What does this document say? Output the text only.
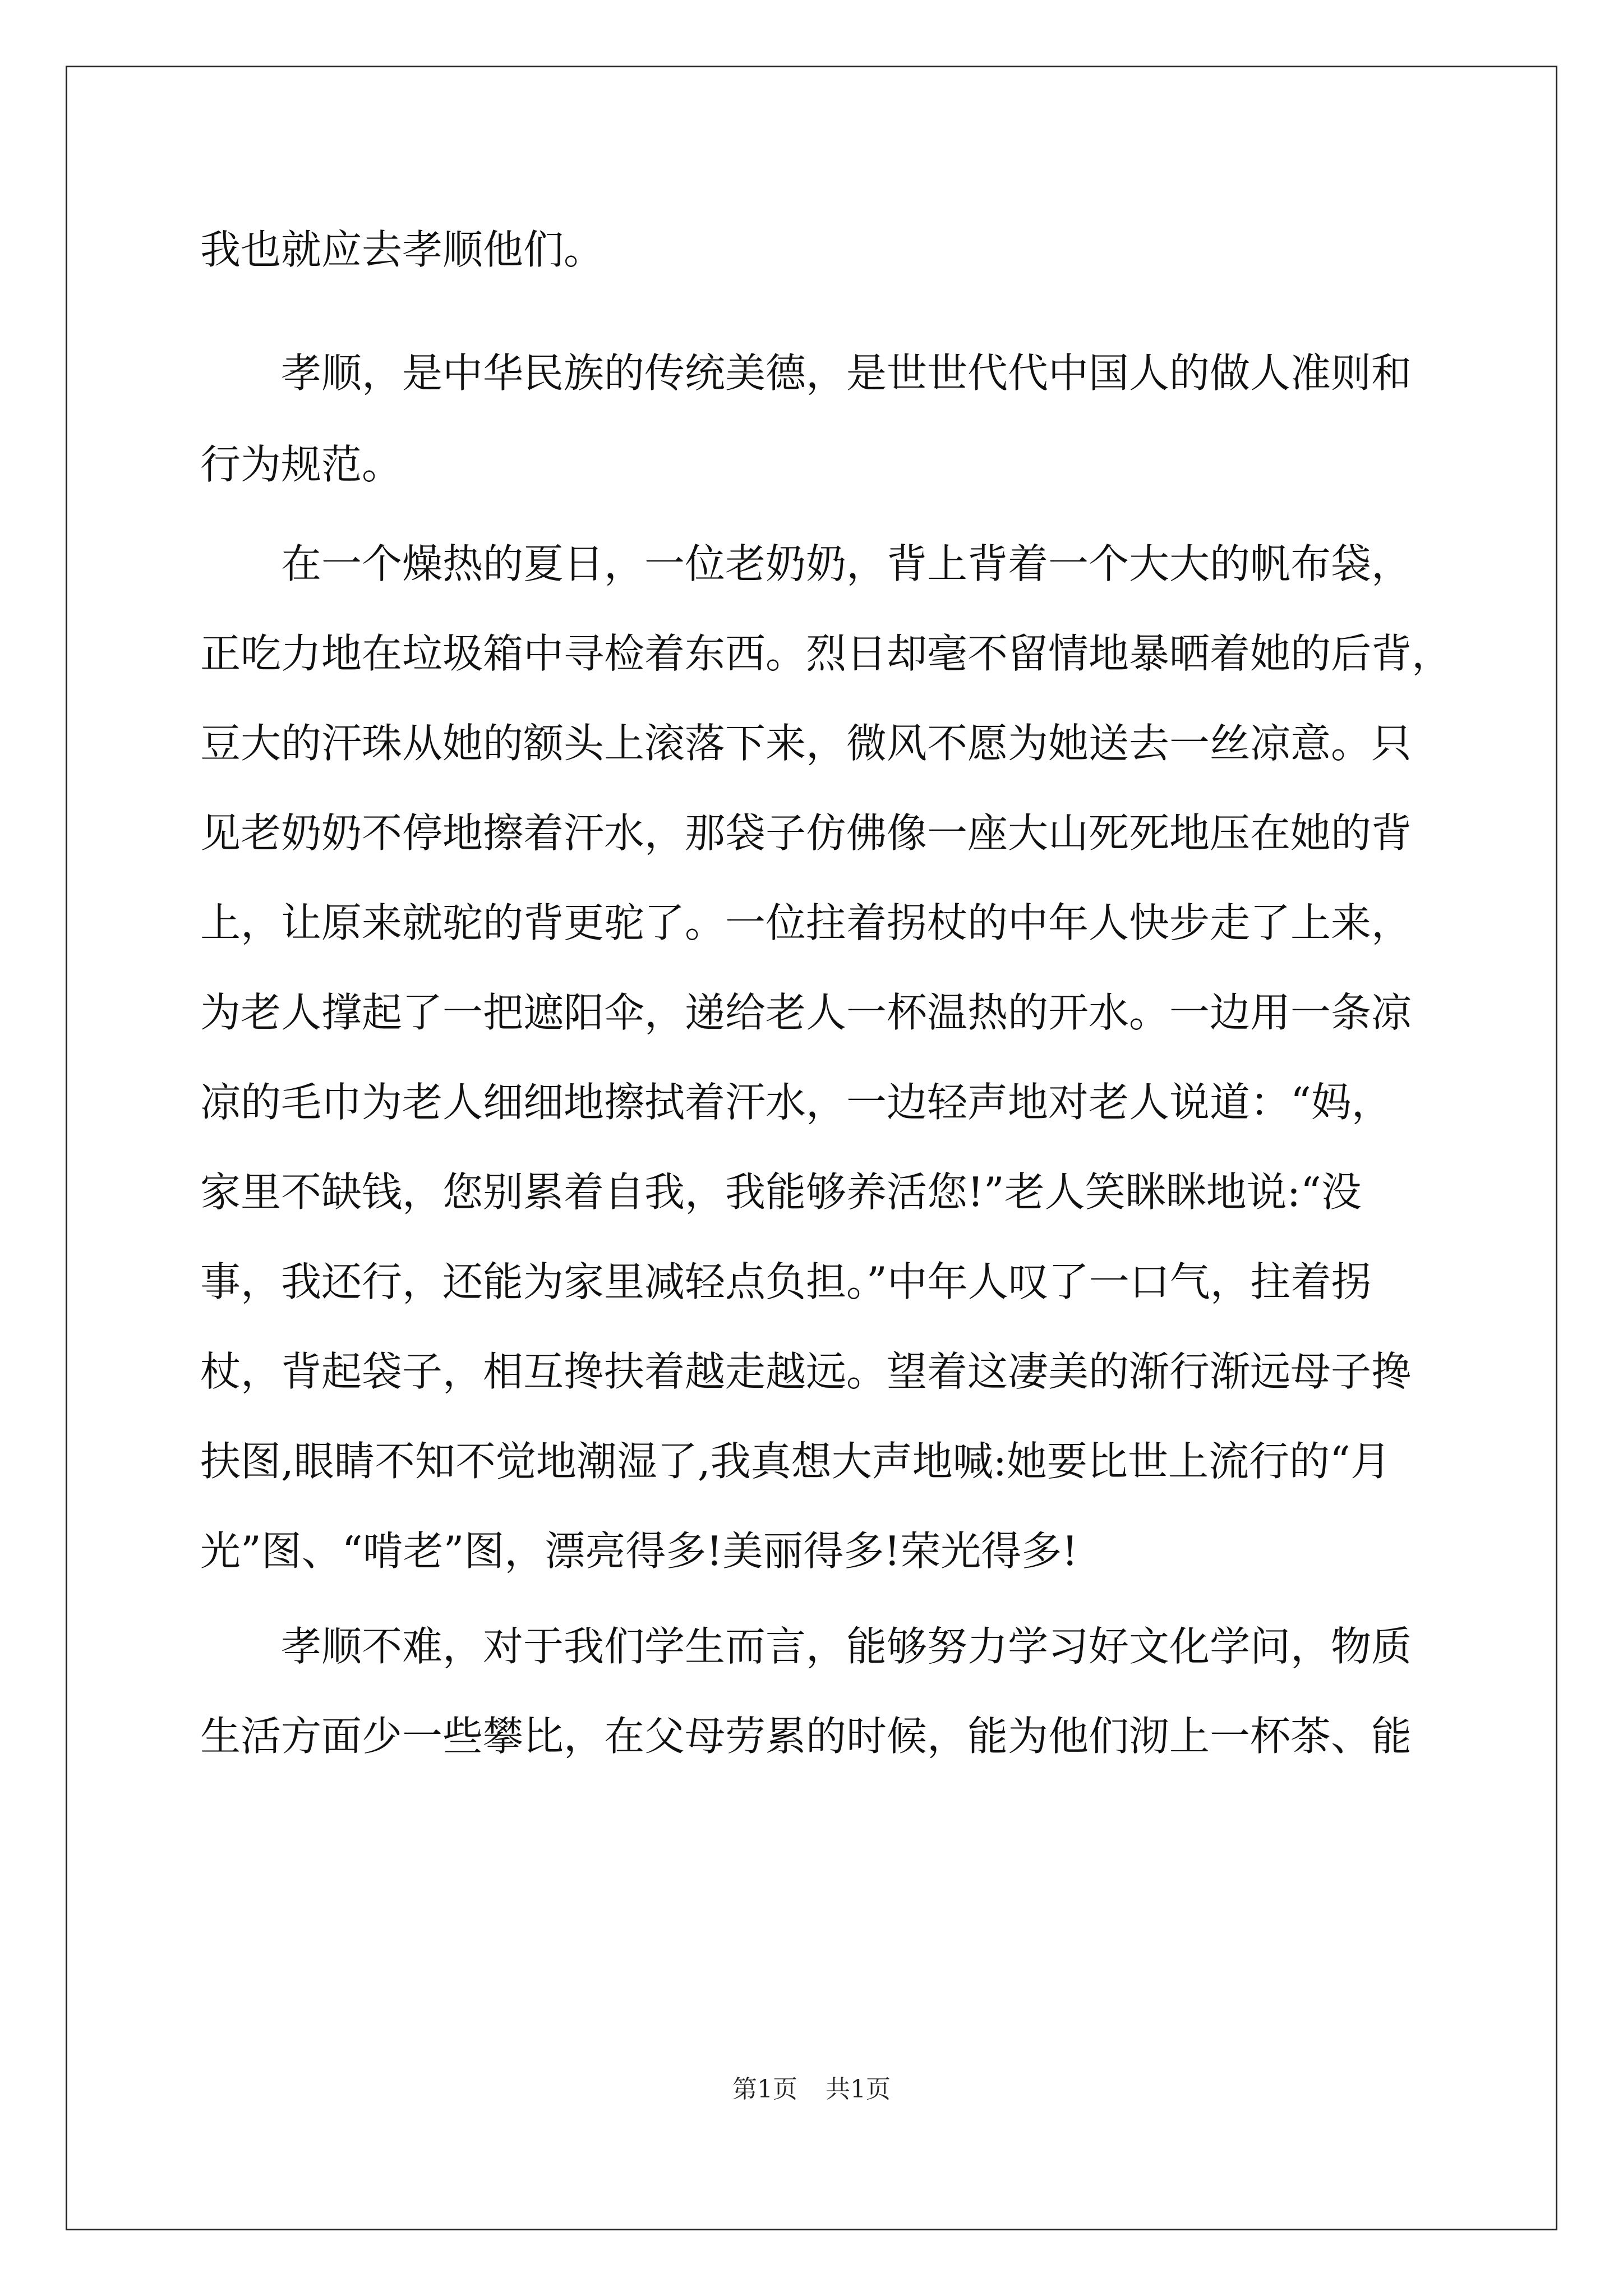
我也就应去孝顺他们。
孝顺，是中华民族的传统美德，是世世代代中国人的做人准则和
行为规范。
在一个燥热的夏日，一位老奶奶，背上背着一个大大的帆布袋，
正吃力地在垃圾箱中寻检着东西。烈日却毫不留情地暴晒着她的后背，
豆大的汗珠从她的额头上滚落下来，微风不愿为她送去一丝凉意。只
见老奶奶不停地擦着汗水，那袋子仿佛像一座大山死死地压在她的背
上，让原来就驼的背更驼了。一位拄着拐杖的中年人快步走了上来，
为老人撑起了一把遮阳伞，递给老人一杯温热的开水。一边用一条凉
凉的毛巾为老人细细地擦拭着汗水，一边轻声地对老人说道：“妈，
家里不缺钱，您别累着自我，我能够养活您!”老人笑眯眯地说:“没
事，我还行，还能为家里减轻点负担。”中年人叹了一口气，拄着拐
杖，背起袋子，相互搀扶着越走越远。望着这凄美的渐行渐远母子搀
扶图,眼睛不知不觉地潮湿了,我真想大声地喊:她要比世上流行的“月
光”图、“啃老”图，漂亮得多!美丽得多!荣光得多!
孝顺不难，对于我们学生而言，能够努力学习好文化学问，物质
生活方面少一些攀比，在父母劳累的时候，能为他们沏上一杯茶、能
第1页 共1页
